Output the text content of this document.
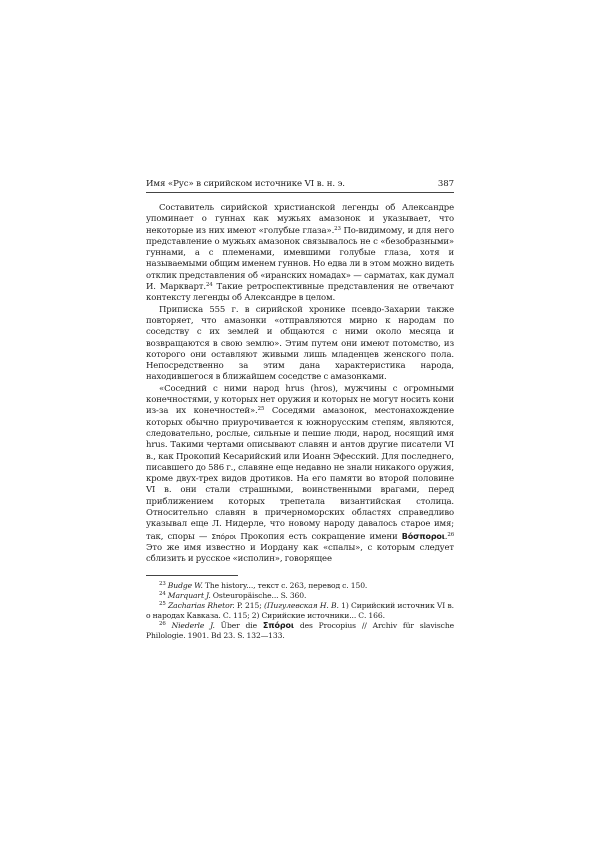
Имя «Рус» в сирийском источнике VI в. н. э.	387

Составитель сирийской христианской легенды об Александре упоминает о гуннах как мужьях амазонок и указывает, что некоторые из них имеют «голубые глаза».$^{23}$ По-видимому, и для него представление о мужьях амазонок связывалось не с «безобразными» гуннами, а с племенами, имевшими голубые глаза, хотя и называемыми общим именем гуннов. Но едва ли в этом можно видеть отклик представления об «иранских номадах» — сарматах, как думал И. Маркварт.$^{24}$ Такие ретроспективные представления не отвечают контексту легенды об Александре в целом.

Приписка 555 г. в сирийской хронике псевдо-Захарии также повторяет, что амазонки «отправляются мирно к народам по соседству с их землей и общаются с ними около месяца и возвращаются в свою землю». Этим путем они имеют потомство, из которого они оставляют живыми лишь младенцев женского пола. Непосредственно за этим дана характеристика народа, находившегося в ближайшем соседстве с амазонками.

«Соседний с ними народ hrus (hros), мужчины с огромными конечностями, у которых нет оружия и которых не могут носить кони из-за их конечностей».$^{25}$ Соседями амазонок, местонахождение которых обычно приурочивается к южнорусским степям, являются, следовательно, рослые, сильные и пешие люди, народ, носящий имя hrus. Такими чертами описывают славян и антов другие писатели VI в., как Прокопий Кесарийский или Иоанн Эфесский. Для последнего, писавшего до 586 г., славяне еще недавно не знали никакого оружия, кроме двух-трех видов дротиков. На его памяти во второй половине VI в. они стали страшными, воинственными врагами, перед приближением которых трепетала византийская столица. Относительно славян в причерноморских областях справедливо указывал еще Л. Нидерле, что новому народу давалось старое имя; так, споры — Σπόροι Прокопия есть сокращение имени Βόσποροι.$^{26}$ Это же имя известно и Иордану как «спалы», с которым следует сблизить и русское «исполин», говорящее

$^{23}$ Budge W. The history..., текст с. 263, перевод с. 150.

$^{24}$ Marquart J. Osteuropäische... S. 360.

$^{25}$ Zacharias Rhetor. P. 215; (Пигулевская Н. В. 1) Сирийский источник VI в. о народах Кавказа. С. 115; 2) Сирийские источники... С. 166.

$^{26}$ Niederle J. Über die Σπόροι des Procopius // Archiv für slavische Philologie. 1901. Bd 23. S. 132—133.
